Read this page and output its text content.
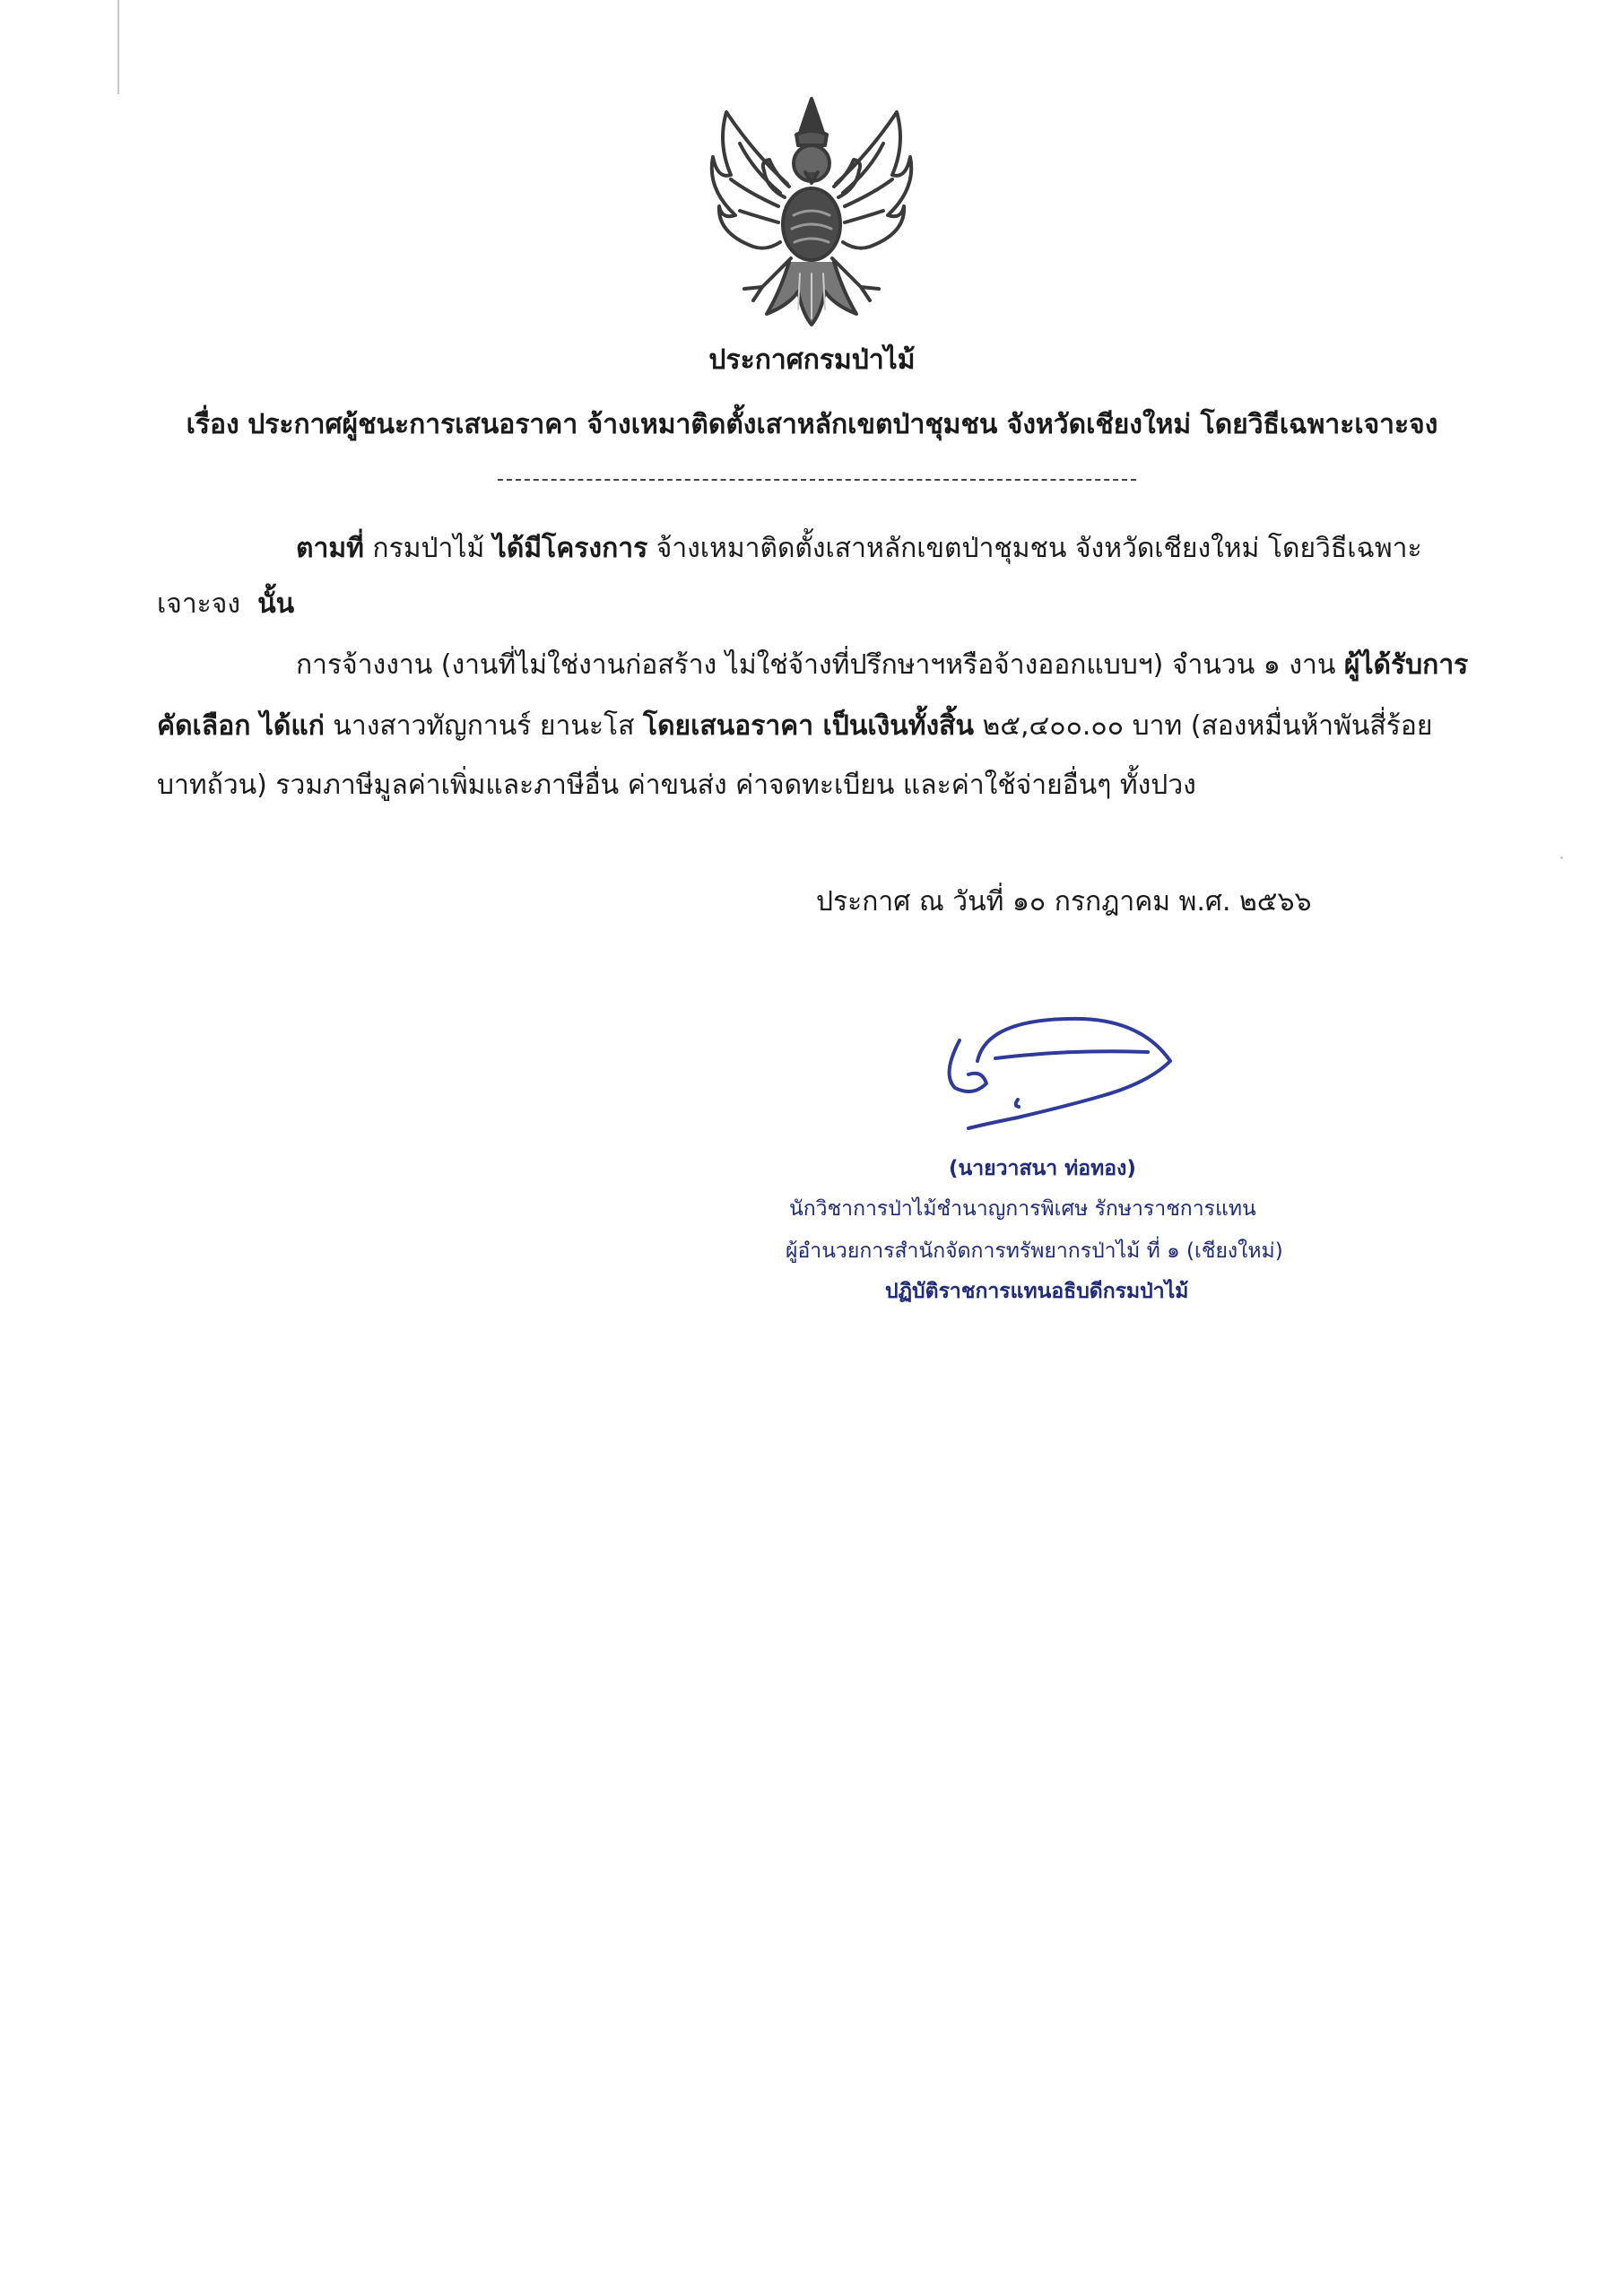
ประกาศกรมป่าไม้
เรื่อง ประกาศผู้ชนะการเสนอราคา จ้างเหมาติดตั้งเสาหลักเขตป่าชุมชน จังหวัดเชียงใหม่ โดยวิธีเฉพาะเจาะจง
ตามที่ กรมป่าไม้ ได้มีโครงการ จ้างเหมาติดตั้งเสาหลักเขตป่าชุมชน จังหวัดเชียงใหม่ โดยวิธีเฉพาะ
เจาะจง นั้น
การจ้างงาน (งานที่ไม่ใช่งานก่อสร้าง ไม่ใช่จ้างที่ปรึกษาฯหรือจ้างออกแบบฯ) จำนวน ๑ งาน ผู้ได้รับการ
คัดเลือก ได้แก่ นางสาวทัญกานร์ ยานะโส โดยเสนอราคา เป็นเงินทั้งสิ้น ๒๕,๔๐๐.๐๐ บาท (สองหมื่นห้าพันสี่ร้อย
บาทถ้วน) รวมภาษีมูลค่าเพิ่มและภาษีอื่น ค่าขนส่ง ค่าจดทะเบียน และค่าใช้จ่ายอื่นๆ ทั้งปวง
ประกาศ ณ วันที่ ๑๐ กรกฎาคม พ.ศ. ๒๕๖๖
(นายวาสนา ท่อทอง)
นักวิชาการป่าไม้ชำนาญการพิเศษ รักษาราชการแทน
ผู้อำนวยการสำนักจัดการทรัพยากรป่าไม้ ที่ ๑ (เชียงใหม่)
ปฏิบัติราชการแทนอธิบดีกรมป่าไม้
